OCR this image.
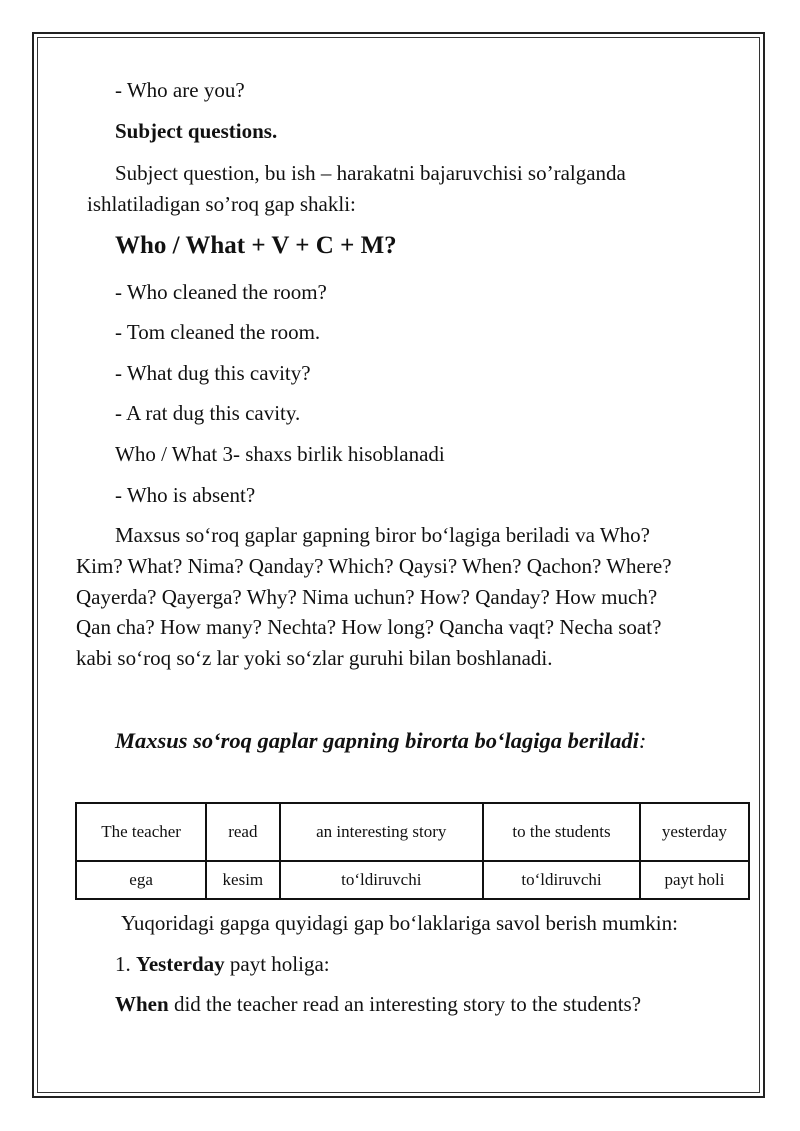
- Who are you?
Subject questions.
Subject question, bu ish – harakatni bajaruvchisi so’ralganda
ishlatiladigan so’roq gap shakli:
Who / What + V + C + M?
- Who cleaned the room?
- Tom cleaned the room.
- What dug this cavity?
- A rat dug this cavity.
Who / What 3- shaxs birlik hisoblanadi
- Who is absent?
Maxsus so‘roq gaplar gapning biror bo‘lagiga beriladi va Who?
Kim? What? Nima? Qanday? Which? Qaysi? When? Qachon? Where?
Qayerda? Qayerga? Why? Nima uchun? How? Qanday? How much?
Qan cha? How many? Nechta? How long? Qancha vaqt? Necha soat?
kabi so‘roq so‘z lar yoki so‘zlar guruhi bilan boshlanadi.
Maxsus so‘roq gaplar gapning birorta bo‘lagiga beriladi:
The teacher	read	an interesting story	to the students	yesterday
ega	kesim	to‘ldiruvchi	to‘ldiruvchi	payt holi
Yuqoridagi gapga quyidagi gap bo‘laklariga savol berish mumkin:
1. Yesterday payt holiga:
When did the teacher read an interesting story to the students?
